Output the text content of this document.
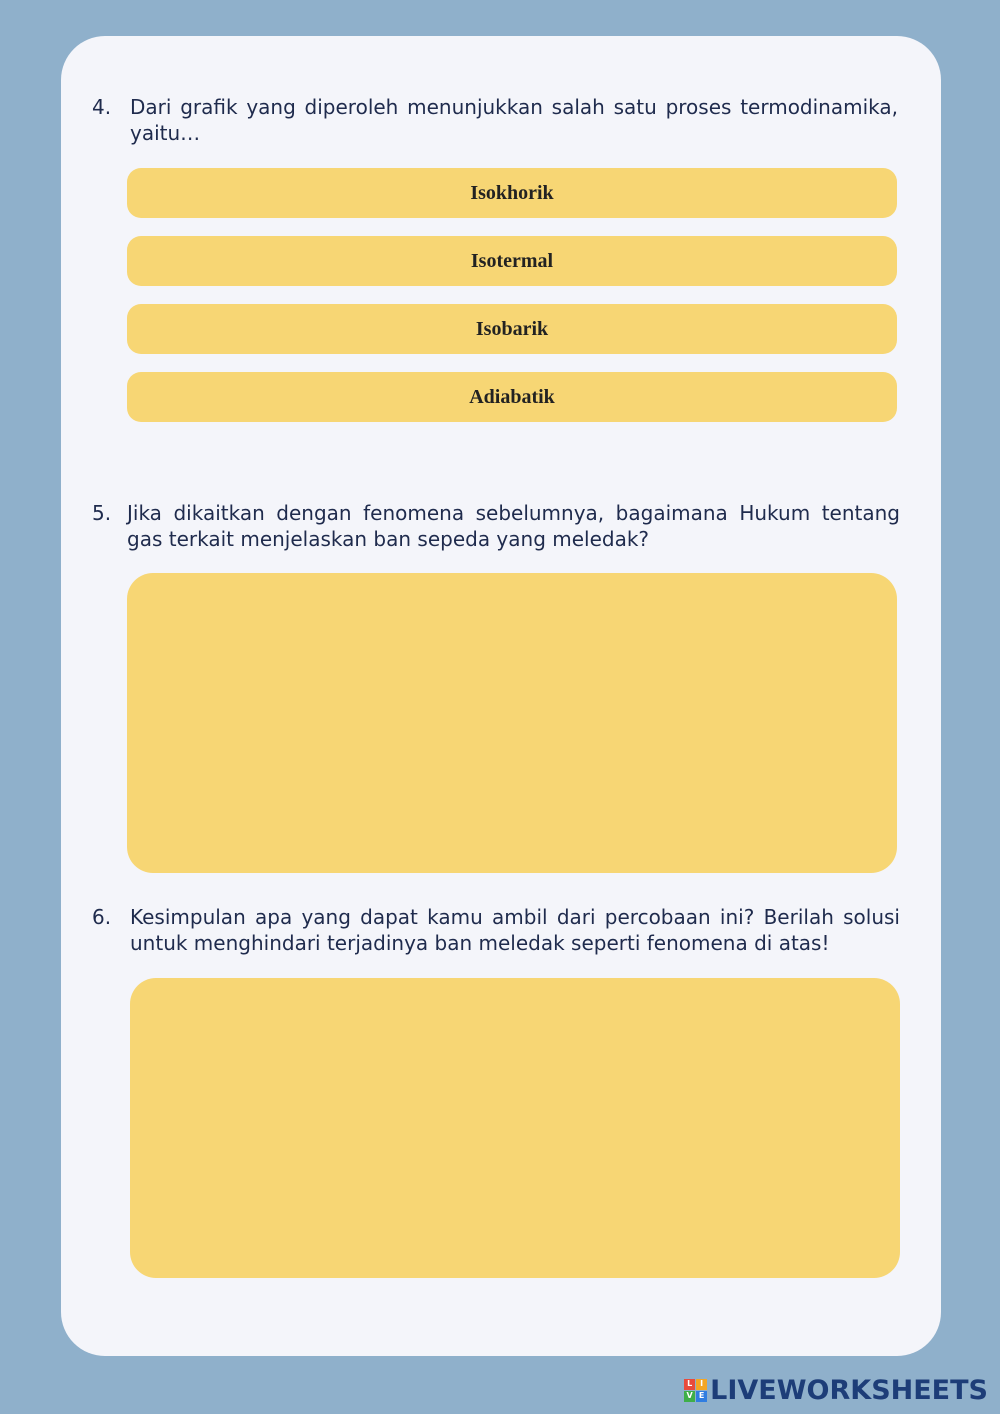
4. Dari grafik yang diperoleh menunjukkan salah satu proses termodinamika, yaitu…
Isokhorik
Isotermal
Isobarik
Adiabatik
5. Jika dikaitkan dengan fenomena sebelumnya, bagaimana Hukum tentang gas terkait menjelaskan ban sepeda yang meledak?
6. Kesimpulan apa yang dapat kamu ambil dari percobaan ini? Berilah solusi untuk menghindari terjadinya ban meledak seperti fenomena di atas!
L I
V E LIVEWORKSHEETS
